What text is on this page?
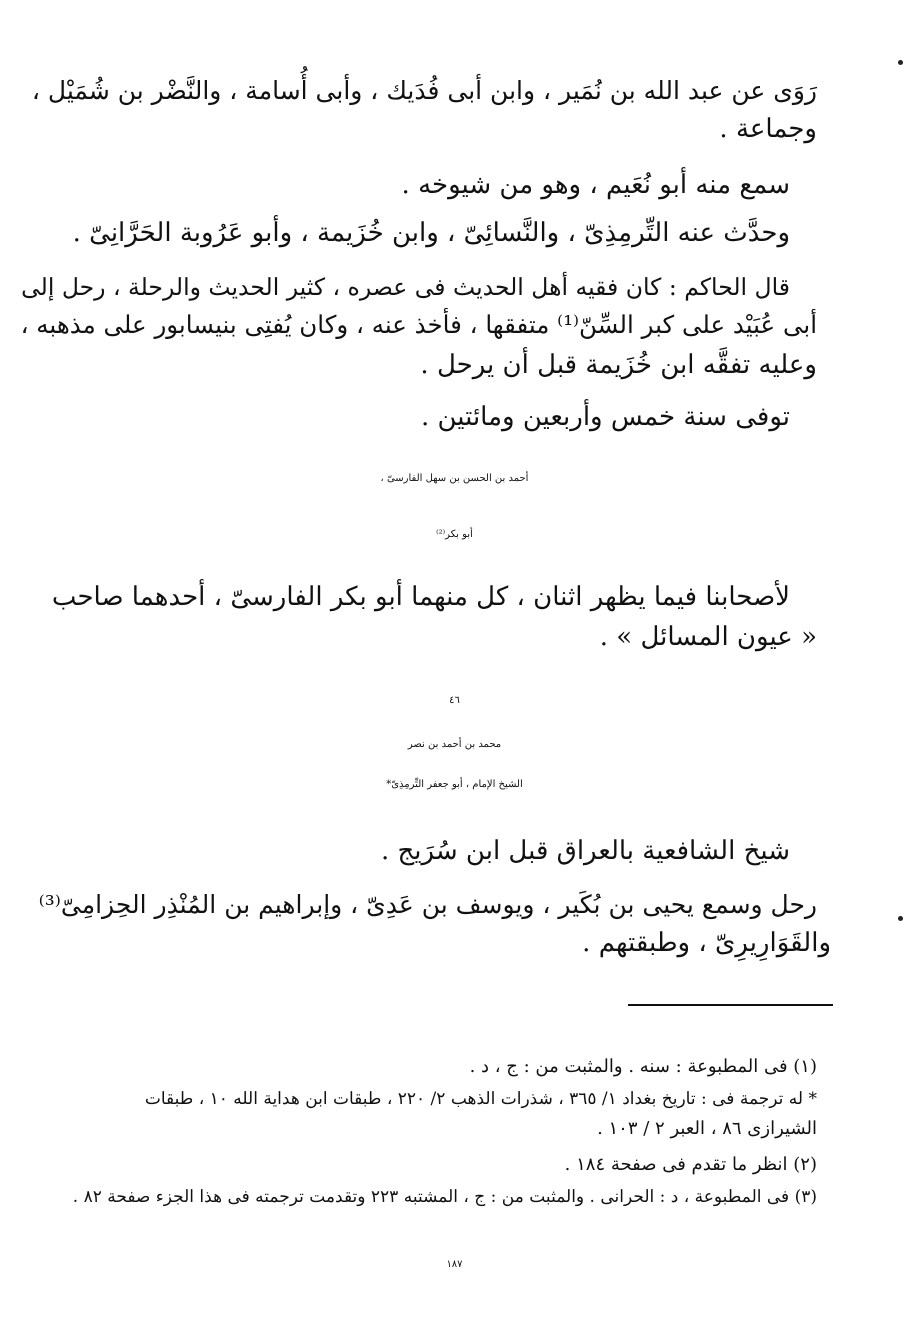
رَوَى عن عبد الله بن نُمَير ، وابن أبى فُدَيك ، وأبى أُسامة ، والنَّضْر بن شُمَيْل ،
وجماعة .
سمع منه أبو نُعَيم ، وهو من شيوخه .
وحدَّث عنه التِّرمِذِىّ ، والنَّسائِىّ ، وابن خُزَيمة ، وأبو عَرُوبة الحَرَّانِىّ .
قال الحاكم : كان فقيه أهل الحديث فى عصره ، كثير الحديث والرحلة ، رحل إلى
أبى عُبَيْد على كبر السِّنّ⁽¹⁾ متفقها ، فأخذ عنه ، وكان يُفتِى بنيسابور على مذهبه ،
وعليه تفقَّه ابن خُزَيمة قبل أن يرحل .
توفى سنة خمس وأربعين ومائتين .
أحمد بن الحسن بن سهل الفارسىّ ،
أبو بكر⁽²⁾
لأصحابنا فيما يظهر اثنان ، كل منهما أبو بكر الفارسىّ ، أحدهما صاحب
« عيون المسائل » .
٤٦
محمد بن أحمد بن نصر
الشيخ الإمام ، أبو جعفر التِّرمِذِىّ*
شيخ الشافعية بالعراق قبل ابن سُرَيج .
رحل وسمع يحيى بن بُكَير ، ويوسف بن عَدِىّ ، وإبراهيم بن المُنْذِر الحِزامِىّ⁽³⁾
والقَوَارِيرِىّ ، وطبقتهم .
(١) فى المطبوعة : سنه . والمثبت من : ج ، د .
* له ترجمة فى : تاريخ بغداد ١/ ٣٦٥ ، شذرات الذهب ٢/ ٢٢٠ ، طبقات ابن هداية الله ١٠ ، طبقات
الشيرازى ٨٦ ، العبر ٢ / ١٠٣ .
(٢) انظر ما تقدم فى صفحة ١٨٤ .
(٣) فى المطبوعة ، د : الحرانى . والمثبت من : ج ، المشتبه ٢٢٣ وتقدمت ترجمته فى هذا الجزء صفحة ٨٢ .
١٨٧
